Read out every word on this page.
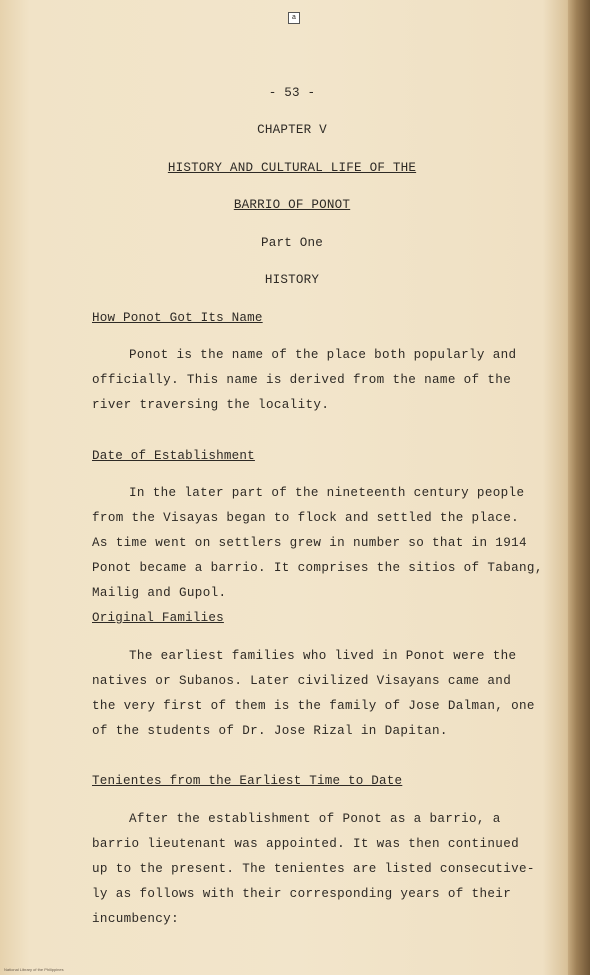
a
- 53 -
CHAPTER V
HISTORY AND CULTURAL LIFE OF THE
BARRIO OF PONOT
Part One
HISTORY
How Ponot Got Its Name
Ponot is the name of the place both popularly and
officially. This name is derived from the name of the
river traversing the locality.
Date of Establishment
In the later part of the nineteenth century people
from the Visayas began to flock and settled the place.
As time went on settlers grew in number so that in 1914
Ponot became a barrio. It comprises the sitios of Tabang,
Mailig and Gupol.
Original Families
The earliest families who lived in Ponot were the
natives or Subanos. Later civilized Visayans came and
the very first of them is the family of Jose Dalman, one
of the students of Dr. Jose Rizal in Dapitan.
Tenientes from the Earliest Time to Date
After the establishment of Ponot as a barrio, a
barrio lieutenant was appointed. It was then continued
up to the present. The tenientes are listed consecutive-
ly as follows with their corresponding years of their
incumbency:
National Library of the Philippines
